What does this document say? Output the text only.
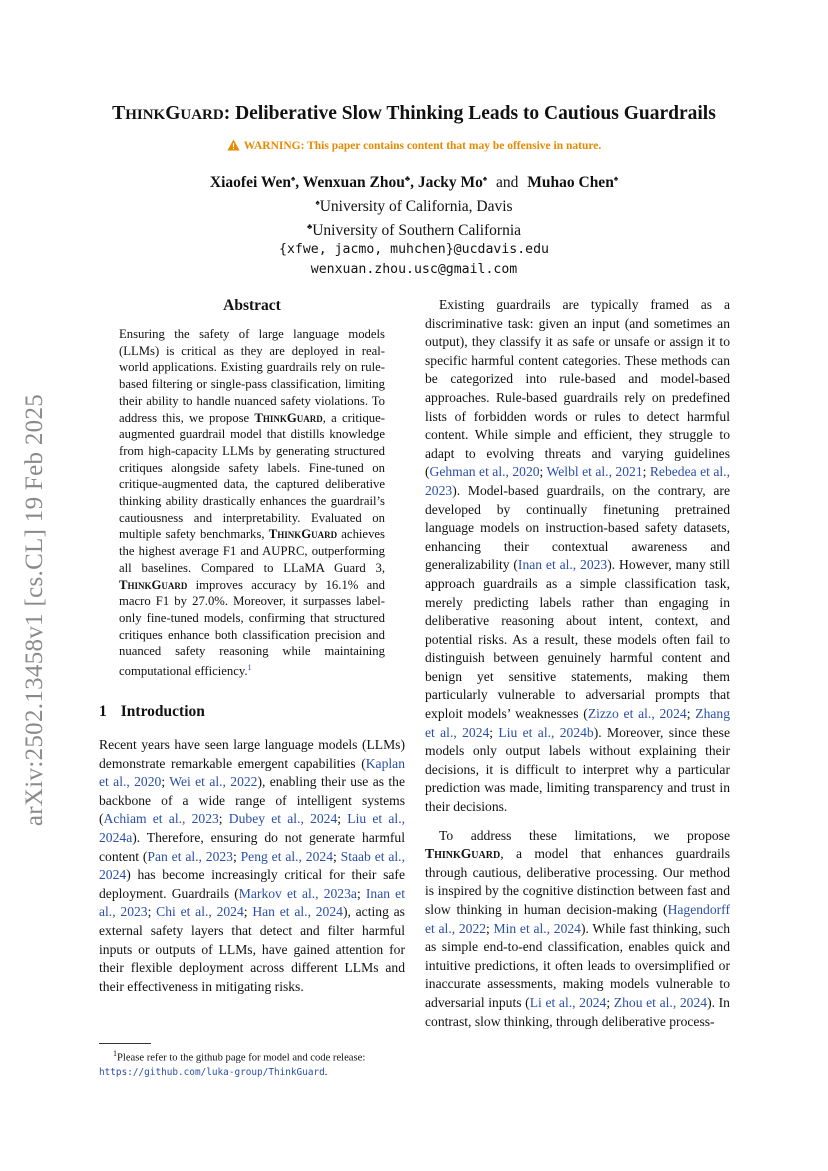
arXiv:2502.13458v1 [cs.CL] 19 Feb 2025
THINKGUARD: Deliberative Slow Thinking Leads to Cautious Guardrails
WARNING: This paper contains content that may be offensive in nature.
Xiaofei Wen♠, Wenxuan Zhou♣, Jacky Mo♠ and Muhao Chen♠
♠University of California, Davis
♣University of Southern California
{xfwe, jacmo, muhchen}@ucdavis.edu
wenxuan.zhou.usc@gmail.com
Abstract

Ensuring the safety of large language models (LLMs) is critical as they are deployed in real-world applications. Existing guardrails rely on rule-based filtering or single-pass classification, limiting their ability to handle nuanced safety violations. To address this, we propose ThinkGuard, a critique-augmented guardrail model that distills knowledge from high-capacity LLMs by generating structured critiques alongside safety labels. Fine-tuned on critique-augmented data, the captured deliberative thinking ability drastically enhances the guardrail’s cautiousness and interpretability. Evaluated on multiple safety benchmarks, ThinkGuard achieves the highest average F1 and AUPRC, outperforming all baselines. Compared to LLaMA Guard 3, ThinkGuard improves accuracy by 16.1% and macro F1 by 27.0%. Moreover, it surpasses label-only fine-tuned models, confirming that structured critiques enhance both classification precision and nuanced safety reasoning while maintaining computational efficiency.$^1$

1 Introduction

Recent years have seen large language models (LLMs) demonstrate remarkable emergent capabilities (Kaplan et al., 2020; Wei et al., 2022), enabling their use as the backbone of a wide range of intelligent systems (Achiam et al., 2023; Dubey et al., 2024; Liu et al., 2024a). Therefore, ensuring do not generate harmful content (Pan et al., 2023; Peng et al., 2024; Staab et al., 2024) has become increasingly critical for their safe deployment. Guardrails (Markov et al., 2023a; Inan et al., 2023; Chi et al., 2024; Han et al., 2024), acting as external safety layers that detect and filter harmful inputs or outputs of LLMs, have gained attention for their flexible deployment across different LLMs and their effectiveness in mitigating risks.

Existing guardrails are typically framed as a discriminative task: given an input (and sometimes an output), they classify it as safe or unsafe or assign it to specific harmful content categories. These methods can be categorized into rule-based and model-based approaches. Rule-based guardrails rely on predefined lists of forbidden words or rules to detect harmful content. While simple and efficient, they struggle to adapt to evolving threats and varying guidelines (Gehman et al., 2020; Welbl et al., 2021; Rebedea et al., 2023). Model-based guardrails, on the contrary, are developed by continually finetuning pretrained language models on instruction-based safety datasets, enhancing their contextual awareness and generalizability (Inan et al., 2023). However, many still approach guardrails as a simple classification task, merely predicting labels rather than engaging in deliberative reasoning about intent, context, and potential risks. As a result, these models often fail to distinguish between genuinely harmful content and benign yet sensitive statements, making them particularly vulnerable to adversarial prompts that exploit models’ weaknesses (Zizzo et al., 2024; Zhang et al., 2024; Liu et al., 2024b). Moreover, since these models only output labels without explaining their decisions, it is difficult to interpret why a particular prediction was made, limiting transparency and trust in their decisions.

To address these limitations, we propose ThinkGuard, a model that enhances guardrails through cautious, deliberative processing. Our method is inspired by the cognitive distinction between fast and slow thinking in human decision-making (Hagendorff et al., 2022; Min et al., 2024). While fast thinking, such as simple end-to-end classification, enables quick and intuitive predictions, it often leads to oversimplified or inaccurate assessments, making models vulnerable to adversarial inputs (Li et al., 2024; Zhou et al., 2024). In contrast, slow thinking, through deliberative process-

$^1$Please refer to the github page for model and code release: https://github.com/luka-group/ThinkGuard.
